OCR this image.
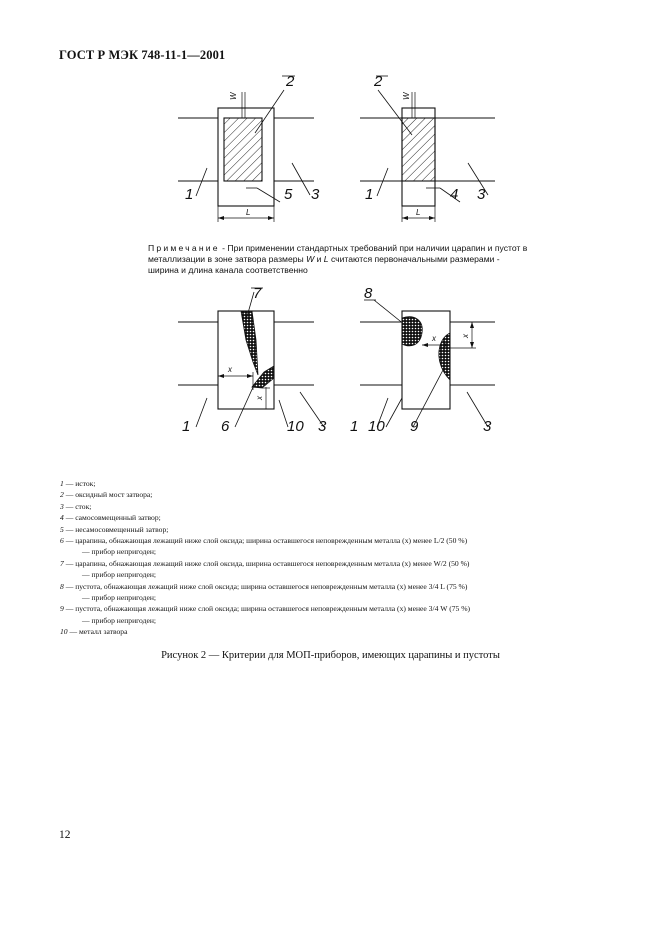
ГОСТ Р МЭК 748-11-1—2001
2
1	5 3
2
1	4 3
7
1 6	10 3
8
1 10 9	3
L	L
W	W
x
x
x	x
Примечание - При применении стандартных требований при наличии царапин и пустот в металлизации в зоне затвора размеры W и L считаются первоначальными размерами - ширина и длина канала соответственно
1 — исток;
2 — оксидный мост затвора;
3 — сток;
4 — самосовмещенный затвор;
5 — несамосовмещенный затвор;
6 — царапина, обнажающая лежащий ниже слой оксида; ширина оставшегося неповрежденным металла (x) менее L/2 (50 %)
— прибор непригоден;
7 — царапина, обнажающая лежащий ниже слой оксида, ширина оставшегося неповрежденным металла (x) менее W/2 (50 %)
— прибор непригоден;
8 — пустота, обнажающая лежащий ниже слой оксида; ширина оставшегося неповрежденным металла (x) менее 3/4 L (75 %)
— прибор непригоден;
9 — пустота, обнажающая лежащий ниже слой оксида; ширина оставшегося неповрежденным металла (x) менее 3/4 W (75 %)
— прибор непригоден;
10 — металл затвора
Рисунок 2 — Критерии для МОП-приборов, имеющих царапины и пустоты
12
